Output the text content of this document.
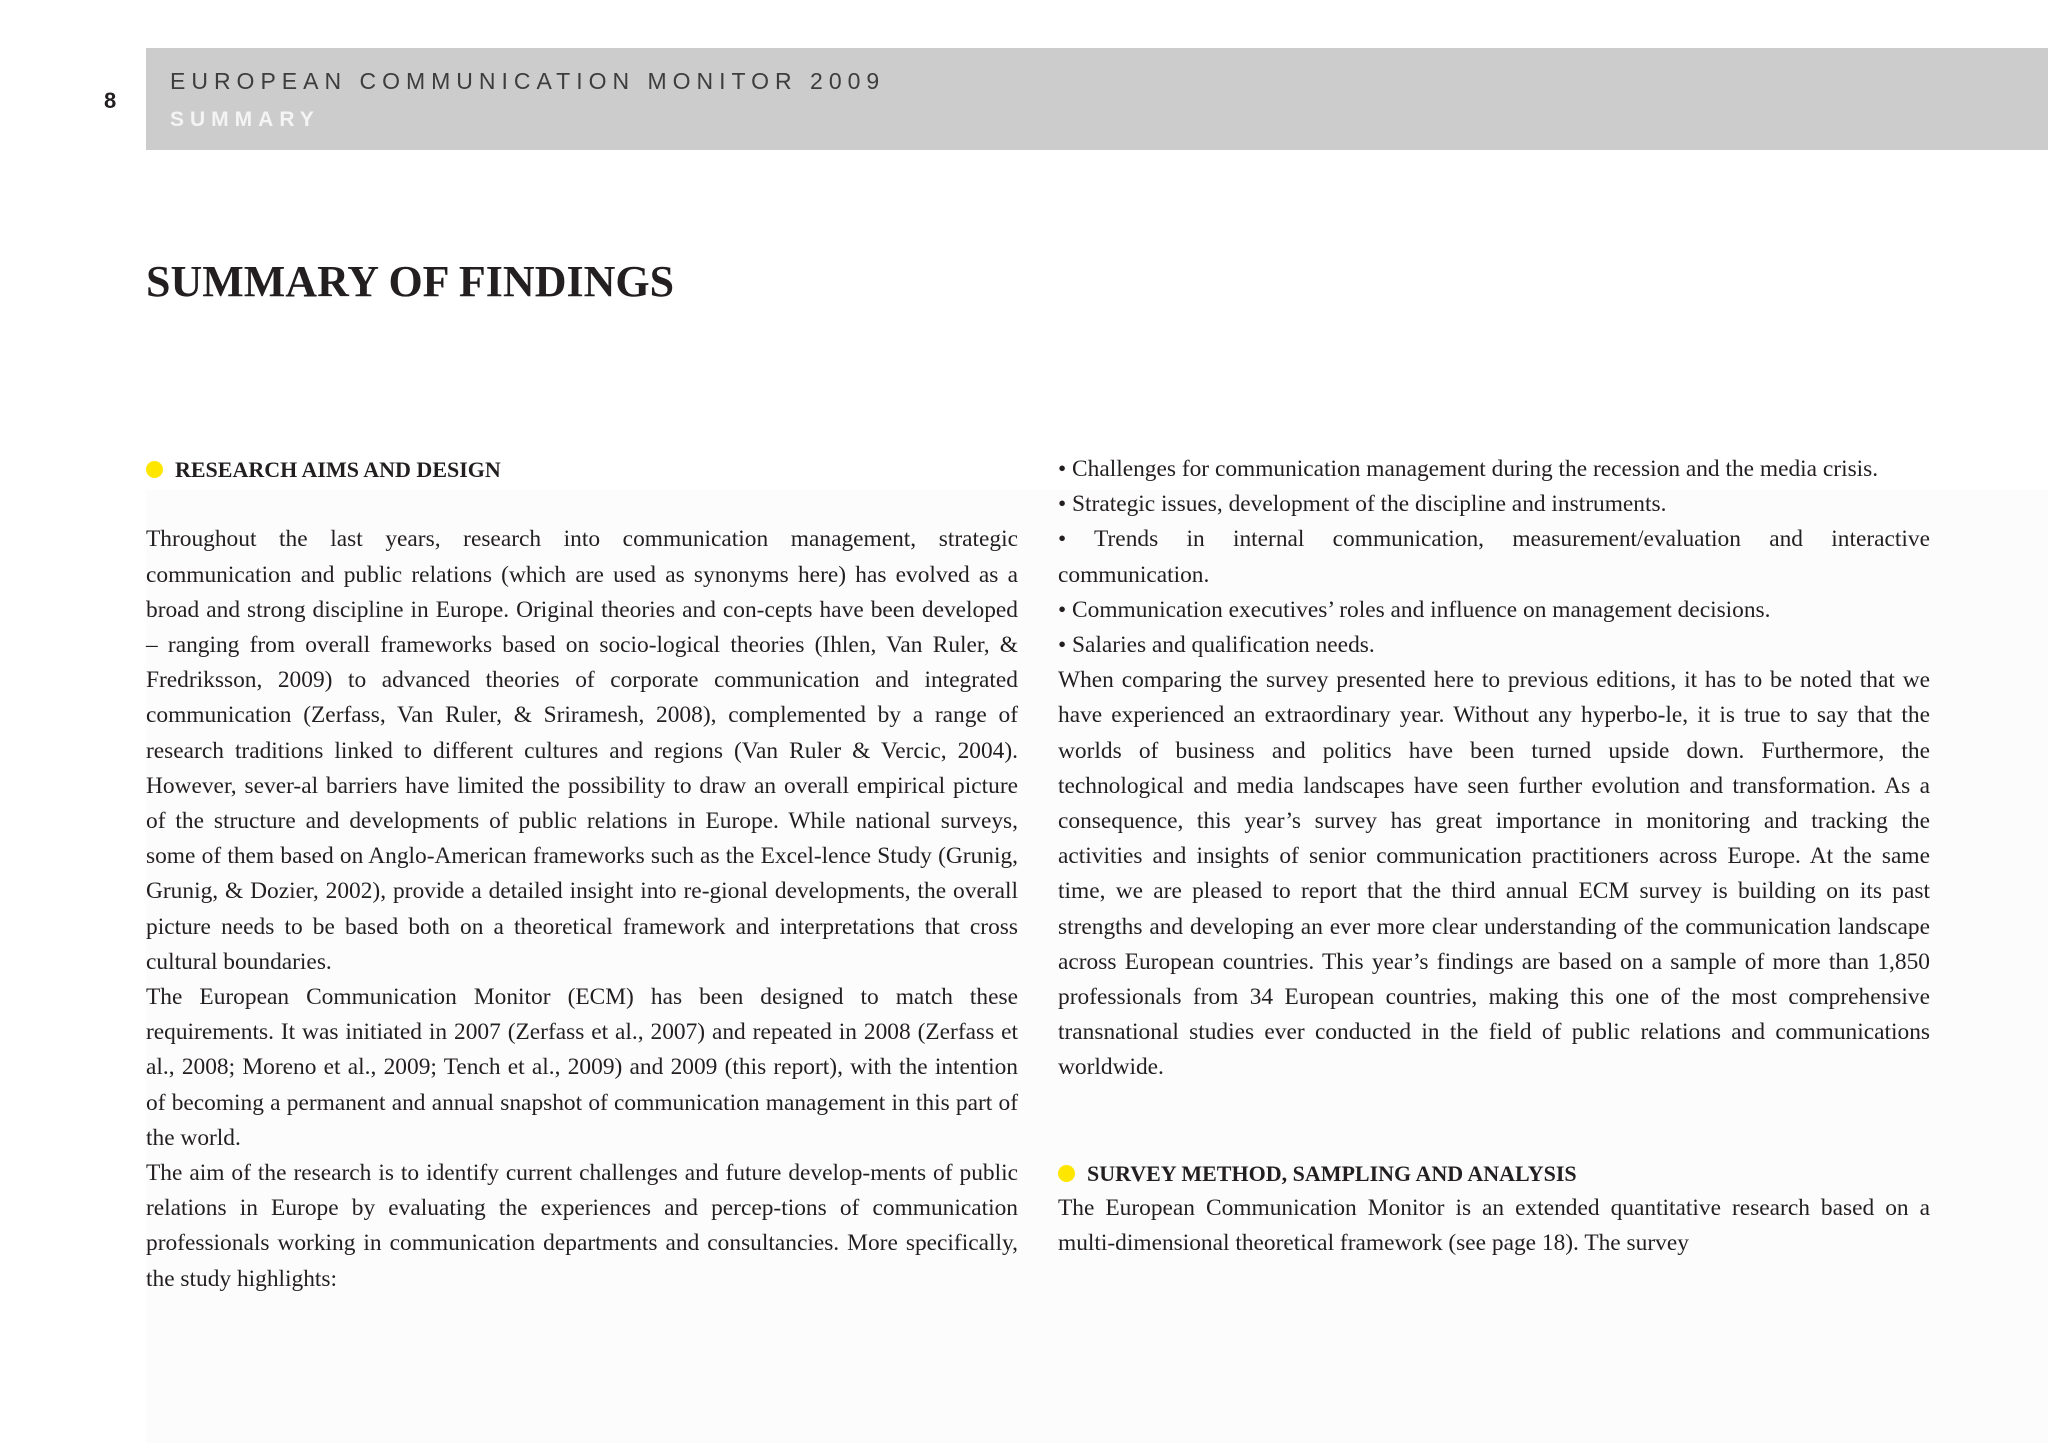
8
EUROPEAN COMMUNICATION MONITOR 2009
SUMMARY
SUMMARY OF FINDINGS
RESEARCH AIMS AND DESIGN

Throughout the last years, research into communication management, strategic communication and public relations (which are used as synonyms here) has evolved as a broad and strong discipline in Europe. Original theories and con-cepts have been developed – ranging from overall frameworks based on socio-logical theories (Ihlen, Van Ruler, & Fredriksson, 2009) to advanced theories of corporate communication and integrated communication (Zerfass, Van Ruler, & Sriramesh, 2008), complemented by a range of research traditions linked to different cultures and regions (Van Ruler & Vercic, 2004). However, sever-al barriers have limited the possibility to draw an overall empirical picture of the structure and developments of public relations in Europe. While national surveys, some of them based on Anglo-American frameworks such as the Excel-lence Study (Grunig, Grunig, & Dozier, 2002), provide a detailed insight into re-gional developments, the overall picture needs to be based both on a theoretical framework and interpretations that cross cultural boundaries.

The European Communication Monitor (ECM) has been designed to match these requirements. It was initiated in 2007 (Zerfass et al., 2007) and repeated in 2008 (Zerfass et al., 2008; Moreno et al., 2009; Tench et al., 2009) and 2009 (this report), with the intention of becoming a permanent and annual snapshot of communication management in this part of the world.

The aim of the research is to identify current challenges and future develop-ments of public relations in Europe by evaluating the experiences and percep-tions of communication professionals working in communication departments and consultancies. More specifically, the study highlights:

• Challenges for communication management during the recession and the media crisis.

• Strategic issues, development of the discipline and instruments.

• Trends in internal communication, measurement/evaluation and interactive communication.

• Communication executives’ roles and influence on management decisions.

• Salaries and qualification needs.

When comparing the survey presented here to previous editions, it has to be noted that we have experienced an extraordinary year. Without any hyperbo-le, it is true to say that the worlds of business and politics have been turned upside down. Furthermore, the technological and media landscapes have seen further evolution and transformation. As a consequence, this year’s survey has great importance in monitoring and tracking the activities and insights of senior communication practitioners across Europe. At the same time, we are pleased to report that the third annual ECM survey is building on its past strengths and developing an ever more clear understanding of the communication landscape across European countries. This year’s findings are based on a sample of more than 1,850 professionals from 34 European countries, making this one of the most comprehensive transnational studies ever conducted in the field of public relations and communications worldwide.

SURVEY METHOD, SAMPLING AND ANALYSIS

The European Communication Monitor is an extended quantitative research based on a multi-dimensional theoretical framework (see page 18). The survey
